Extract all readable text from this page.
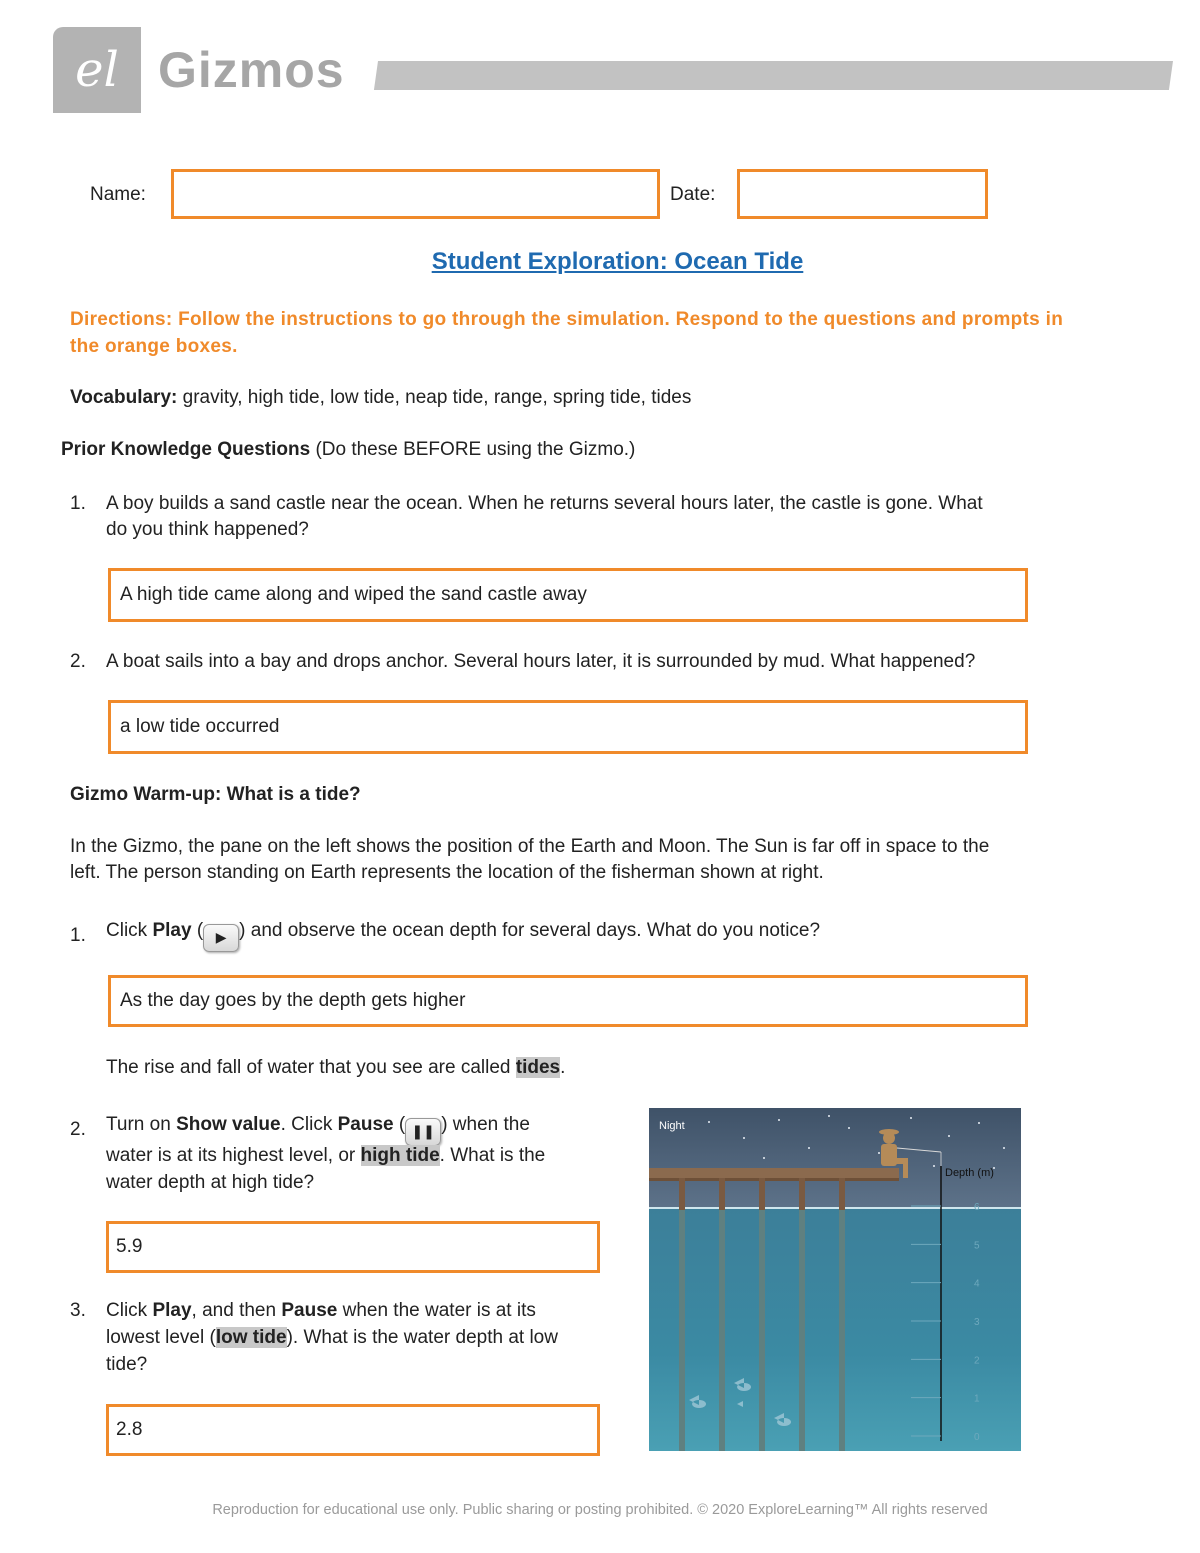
el Gizmos
Name:	Date:
Student Exploration: Ocean Tide
Directions: Follow the instructions to go through the simulation. Respond to the questions and prompts in the orange boxes.
Vocabulary: gravity, high tide, low tide, neap tide, range, spring tide, tides
Prior Knowledge Questions (Do these BEFORE using the Gizmo.)
1.	A boy builds a sand castle near the ocean. When he returns several hours later, the castle is gone. What
do you think happened?
A high tide came along and wiped the sand castle away
2.	A boat sails into a bay and drops anchor. Several hours later, it is surrounded by mud. What happened?
a low tide occurred
Gizmo Warm-up: What is a tide?
In the Gizmo, the pane on the left shows the position of the Earth and Moon. The Sun is far off in space to the
left. The person standing on Earth represents the location of the fisherman shown at right.
1.	Click Play ( ▶ ) and observe the ocean depth for several days. What do you notice?
As the day goes by the depth gets higher
The rise and fall of water that you see are called tides.
2.	Turn on Show value. Click Pause ( ❚❚ ) when the
water is at its highest level, or high tide. What is the
water depth at high tide?
5.9
3.	Click Play, and then Pause when the water is at its
lowest level (low tide). What is the water depth at low
tide?
2.8
Night
Depth (m)
6
5
4
3
2
1
0
Reproduction for educational use only. Public sharing or posting prohibited. © 2020 ExploreLearning™ All rights reserved
